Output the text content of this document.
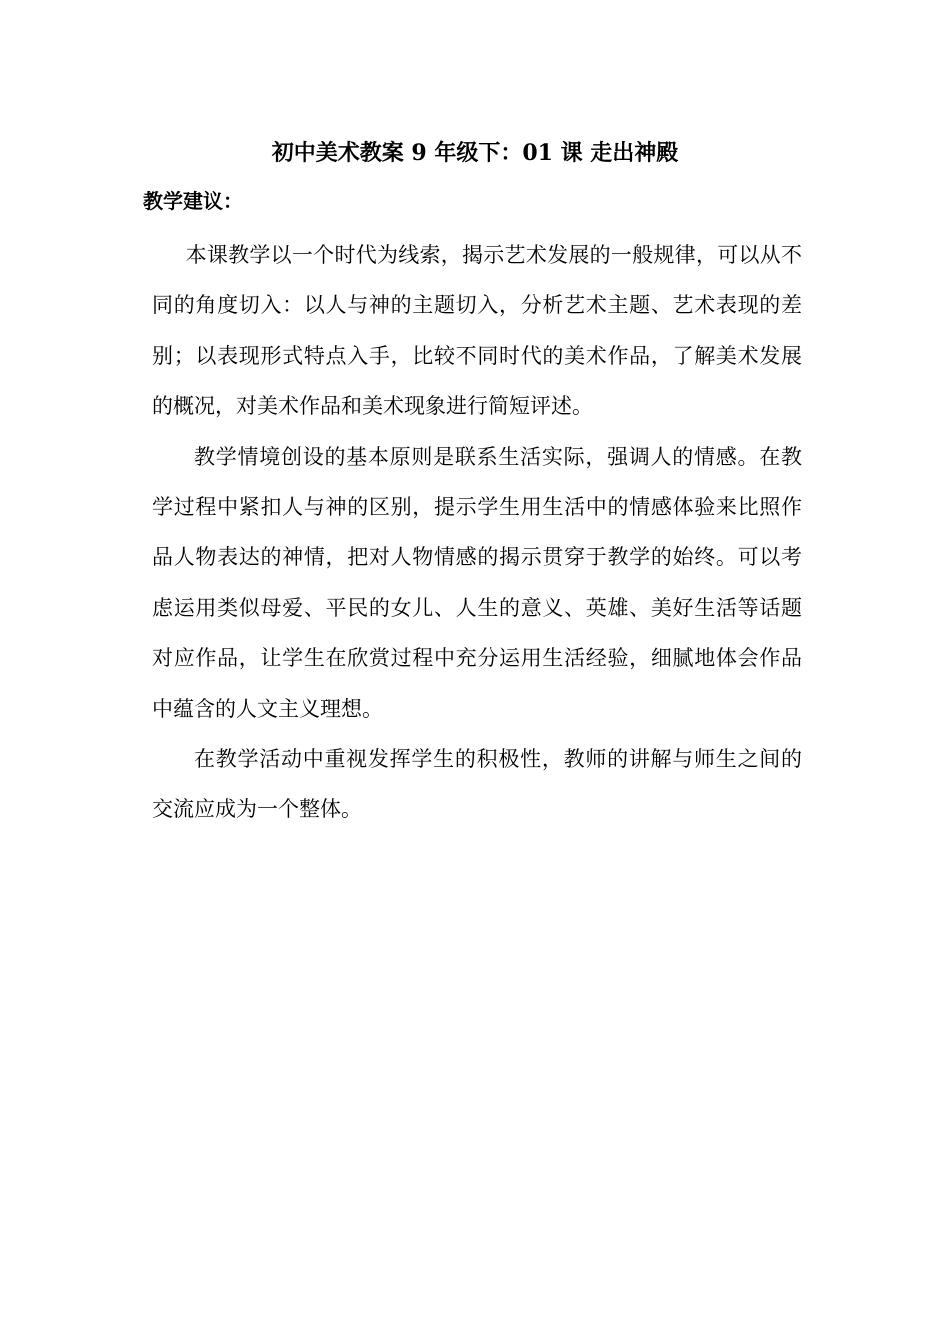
初中美术教案 9 年级下：01 课 走出神殿
教学建议：

本课教学以一个时代为线索，揭示艺术发展的一般规律，可以从不同的角度切入：以人与神的主题切入，分析艺术主题、艺术表现的差别；以表现形式特点入手，比较不同时代的美术作品，了解美术发展的概况，对美术作品和美术现象进行简短评述。

教学情境创设的基本原则是联系生活实际，强调人的情感。在教学过程中紧扣人与神的区别，提示学生用生活中的情感体验来比照作品人物表达的神情，把对人物情感的揭示贯穿于教学的始终。可以考虑运用类似母爱、平民的女儿、人生的意义、英雄、美好生活等话题对应作品，让学生在欣赏过程中充分运用生活经验，细腻地体会作品中蕴含的人文主义理想。

在教学活动中重视发挥学生的积极性，教师的讲解与师生之间的交流应成为一个整体。
